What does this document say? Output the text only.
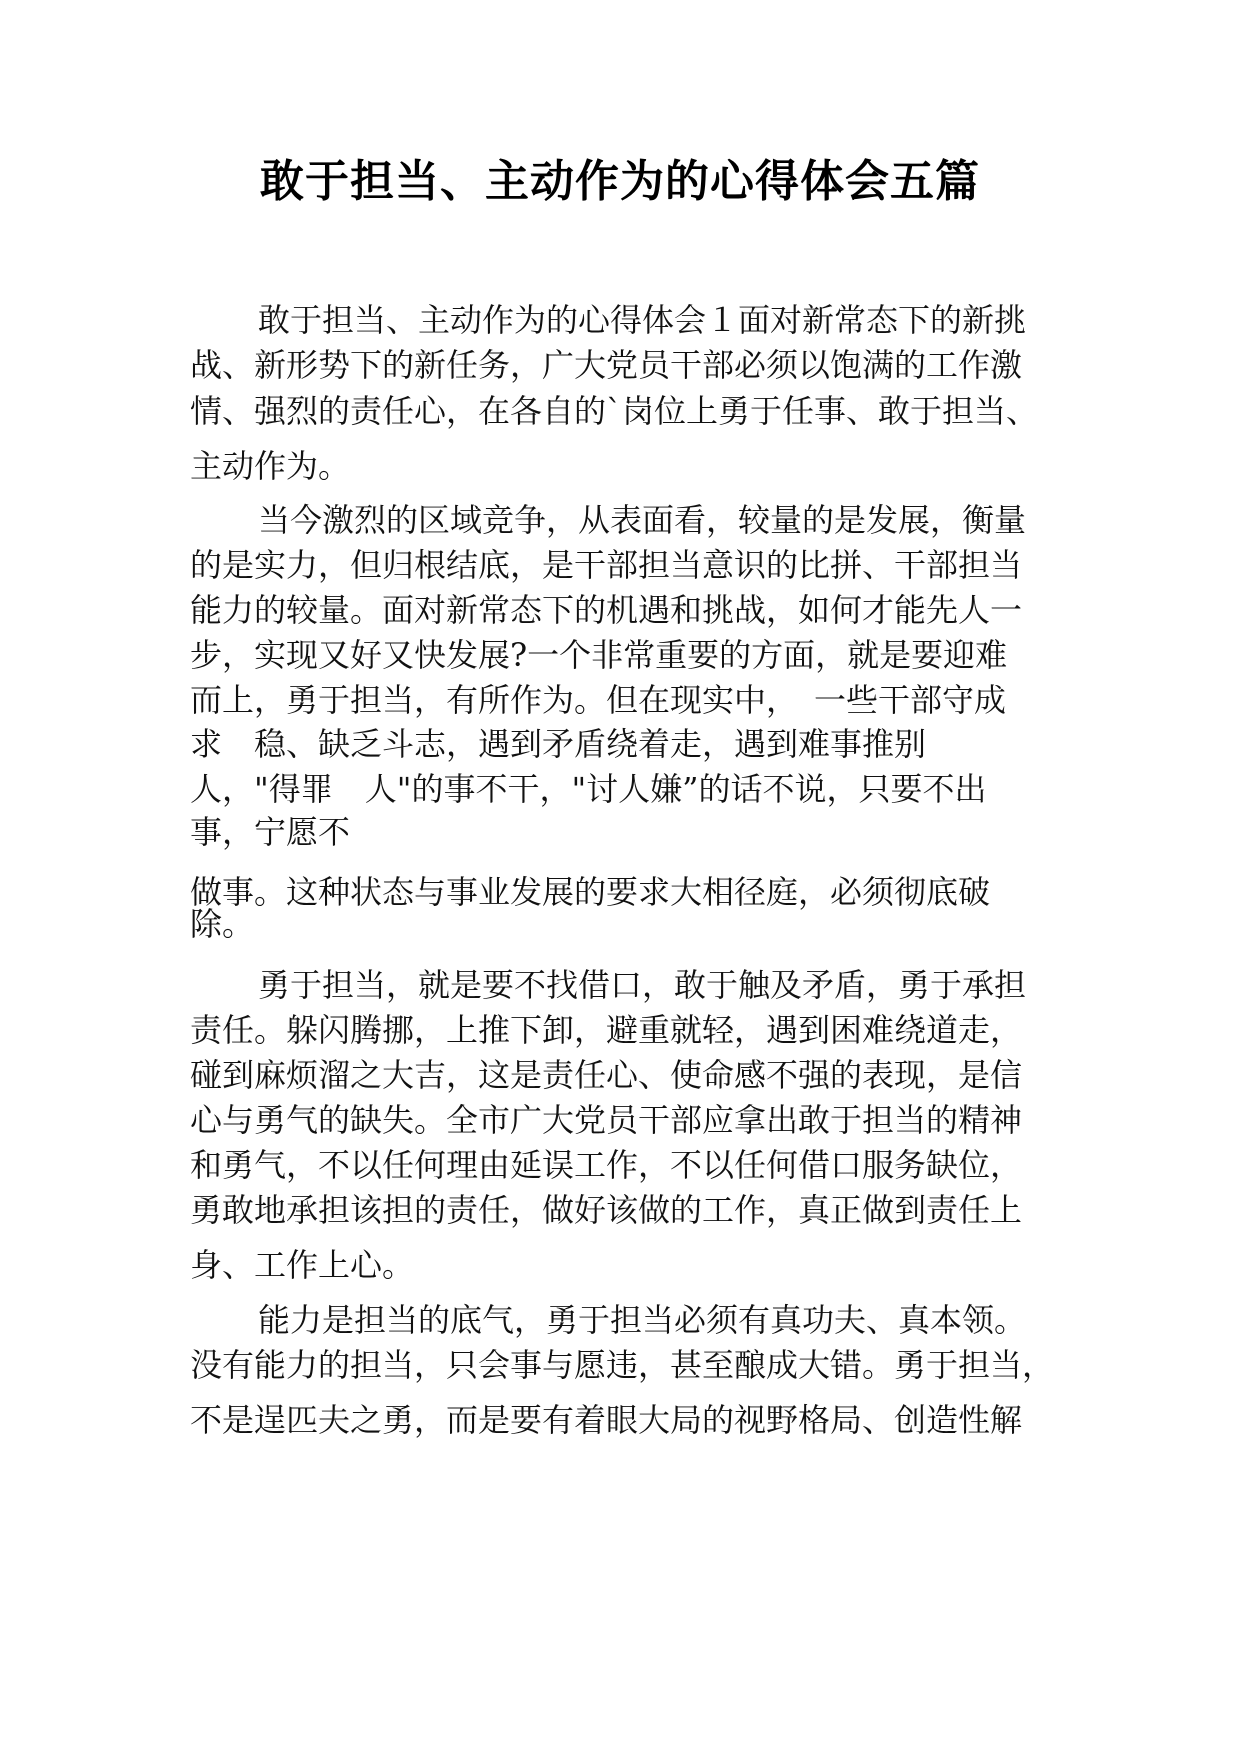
敢于担当、主动作为的心得体会五篇
敢于担当、主动作为的心得体会１面对新常态下的新挑
战、新形势下的新任务，广大党员干部必须以饱满的工作激
情、强烈的责任心，在各自的`岗位上勇于任事、敢于担当、
主动作为。
当今激烈的区域竞争，从表面看，较量的是发展，衡量
的是实力，但归根结底，是干部担当意识的比拼、干部担当
能力的较量。面对新常态下的机遇和挑战，如何才能先人一
步，实现又好又快发展?一个非常重要的方面，就是要迎难
而上，勇于担当，有所作为。但在现实中，　一些干部守成
求　稳、缺乏斗志，遇到矛盾绕着走，遇到难事推别
人，"得罪　人"的事不干，"讨人嫌”的话不说，只要不出
事，宁愿不
做事。这种状态与事业发展的要求大相径庭，必须彻底破
除。
勇于担当，就是要不找借口，敢于触及矛盾，勇于承担
责任。躲闪腾挪，上推下卸，避重就轻，遇到困难绕道走，
碰到麻烦溜之大吉，这是责任心、使命感不强的表现，是信
心与勇气的缺失。全市广大党员干部应拿出敢于担当的精神
和勇气，不以任何理由延误工作，不以任何借口服务缺位，
勇敢地承担该担的责任，做好该做的工作，真正做到责任上
身、工作上心。
能力是担当的底气，勇于担当必须有真功夫、真本领。
没有能力的担当，只会事与愿违，甚至酿成大错。勇于担当，
不是逞匹夫之勇，而是要有着眼大局的视野格局、创造性解
